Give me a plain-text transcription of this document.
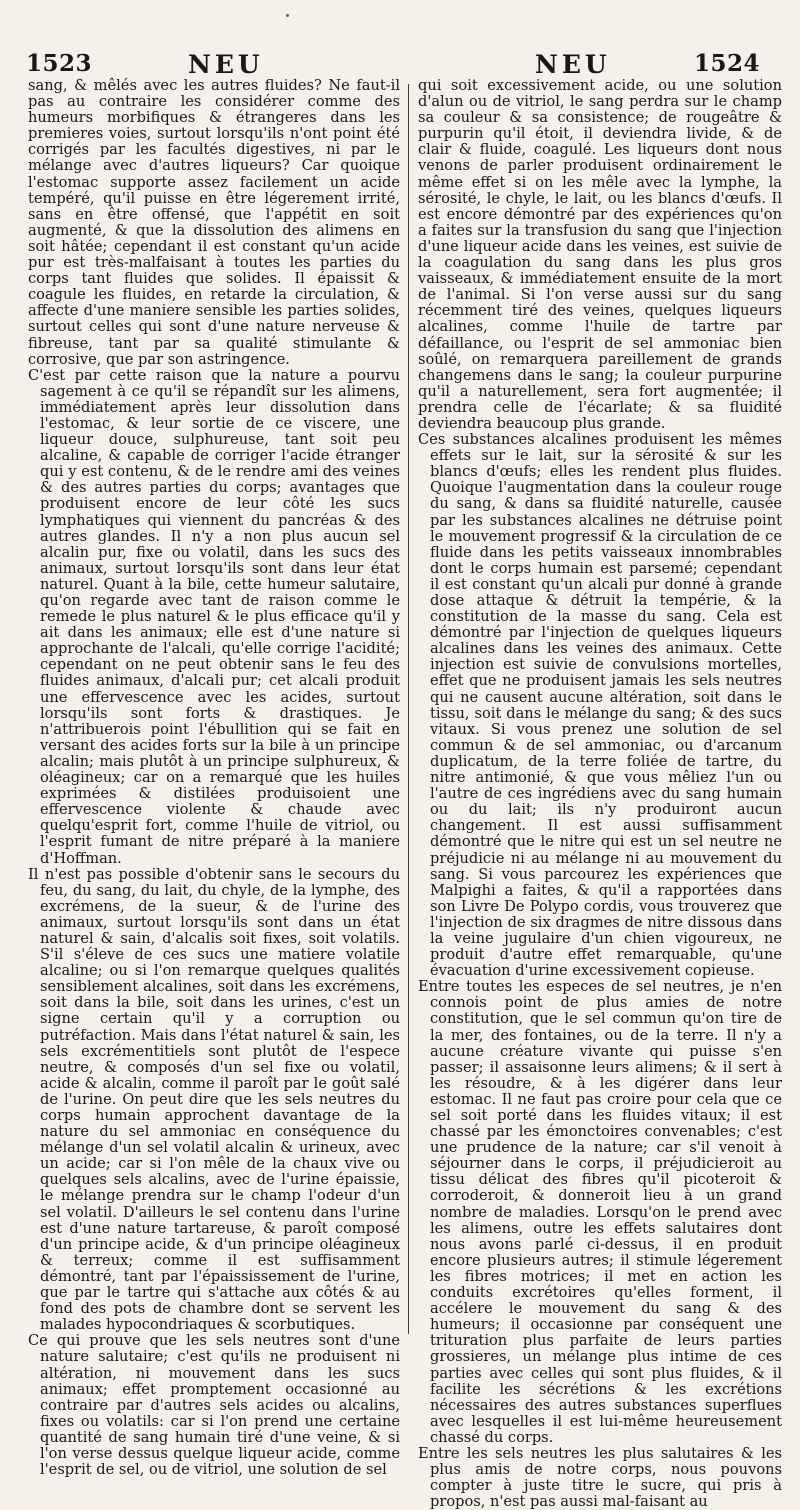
1523	NEU	NEU	1524

sang, & mêlés avec les autres fluides? Ne faut-il pas au contraire les considérer comme des humeurs morbifiques & étrangeres dans les premieres voies, surtout lorsqu'ils n'ont point été corrigés par les facultés digestives, ni par le mélange avec d'autres liqueurs? Car quoique l'estomac supporte assez facilement un acide tempéré, qu'il puisse en être légerement irrité, sans en être offensé, que l'appétit en soit augmenté, & que la dissolution des alimens en soit hâtée; cependant il est constant qu'un acide pur est très-malfaisant à toutes les parties du corps tant fluides que solides. Il épaissit & coagule les fluides, en retarde la circulation, & affecte d'une maniere sensible les parties solides, surtout celles qui sont d'une nature nerveuse & fibreuse, tant par sa qualité stimulante & corrosive, que par son astringence.

C'est par cette raison que la nature a pourvu sagement à ce qu'il se répandît sur les alimens, immédiatement après leur dissolution dans l'estomac, & leur sortie de ce viscere, une liqueur douce, sulphureuse, tant soit peu alcaline, & capable de corriger l'acide étranger qui y est contenu, & de le rendre ami des veines & des autres parties du corps; avantages que produisent encore de leur côté les sucs lymphatiques qui viennent du pancréas & des autres glandes. Il n'y a non plus aucun sel alcalin pur, fixe ou volatil, dans les sucs des animaux, surtout lorsqu'ils sont dans leur état naturel. Quant à la bile, cette humeur salutaire, qu'on regarde avec tant de raison comme le remede le plus naturel & le plus efficace qu'il y ait dans les animaux; elle est d'une nature si approchante de l'alcali, qu'elle corrige l'acidité; cependant on ne peut obtenir sans le feu des fluides animaux, d'alcali pur; cet alcali produit une effervescence avec les acides, surtout lorsqu'ils sont forts & drastiques. Je n'attribuerois point l'ébullition qui se fait en versant des acides forts sur la bile à un principe alcalin; mais plutôt à un principe sulphureux, & oléagineux; car on a remarqué que les huiles exprimées & distilées produisoient une effervescence violente & chaude avec quelqu'esprit fort, comme l'huile de vitriol, ou l'esprit fumant de nitre préparé à la maniere d'Hoffman.

Il n'est pas possible d'obtenir sans le secours du feu, du sang, du lait, du chyle, de la lymphe, des excrémens, de la sueur, & de l'urine des animaux, surtout lorsqu'ils sont dans un état naturel & sain, d'alcalis soit fixes, soit volatils. S'il s'éleve de ces sucs une matiere volatile alcaline; ou si l'on remarque quelques qualités sensiblement alcalines, soit dans les excrémens, soit dans la bile, soit dans les urines, c'est un signe certain qu'il y a corruption ou putréfaction. Mais dans l'état naturel & sain, les sels excrémentitiels sont plutôt de l'espece neutre, & composés d'un sel fixe ou volatil, acide & alcalin, comme il paroît par le goût salé de l'urine. On peut dire que les sels neutres du corps humain approchent davantage de la nature du sel ammoniac en conséquence du mélange d'un sel volatil alcalin & urineux, avec un acide; car si l'on mêle de la chaux vive ou quelques sels alcalins, avec de l'urine épaissie, le mélange prendra sur le champ l'odeur d'un sel volatil. D'ailleurs le sel contenu dans l'urine est d'une nature tartareuse, & paroît composé d'un principe acide, & d'un principe oléagineux & terreux; comme il est suffisamment démontré, tant par l'épaississement de l'urine, que par le tartre qui s'attache aux côtés & au fond des pots de chambre dont se servent les malades hypocondriaques & scorbutiques.

Ce qui prouve que les sels neutres sont d'une nature salutaire; c'est qu'ils ne produisent ni altération, ni mouvement dans les sucs animaux; effet promptement occasionné au contraire par d'autres sels acides ou alcalins, fixes ou volatils: car si l'on prend une certaine quantité de sang humain tiré d'une veine, & si l'on verse dessus quelque liqueur acide, comme l'esprit de sel, ou de vitriol, une solution de sel

qui soit excessivement acide, ou une solution d'alun ou de vitriol, le sang perdra sur le champ sa couleur & sa consistence; de rougeâtre & purpurin qu'il étoit, il deviendra livide, & de clair & fluide, coagulé. Les liqueurs dont nous venons de parler produisent ordinairement le même effet si on les mêle avec la lymphe, la sérosité, le chyle, le lait, ou les blancs d'œufs. Il est encore démontré par des expériences qu'on a faites sur la transfusion du sang que l'injection d'une liqueur acide dans les veines, est suivie de la coagulation du sang dans les plus gros vaisseaux, & immédiatement ensuite de la mort de l'animal. Si l'on verse aussi sur du sang récemment tiré des veines, quelques liqueurs alcalines, comme l'huile de tartre par défaillance, ou l'esprit de sel ammoniac bien soûlé, on remarquera pareillement de grands changemens dans le sang; la couleur purpurine qu'il a naturellement, sera fort augmentée; il prendra celle de l'écarlate; & sa fluidité deviendra beaucoup plus grande.

Ces substances alcalines produisent les mêmes effets sur le lait, sur la sérosité & sur les blancs d'œufs; elles les rendent plus fluides. Quoique l'augmentation dans la couleur rouge du sang, & dans sa fluidité naturelle, causée par les substances alcalines ne détruise point le mouvement progressif & la circulation de ce fluide dans les petits vaisseaux innombrables dont le corps humain est parsemé; cependant il est constant qu'un alcali pur donné à grande dose attaque & détruit la tempérie, & la constitution de la masse du sang. Cela est démontré par l'injection de quelques liqueurs alcalines dans les veines des animaux. Cette injection est suivie de convulsions mortelles, effet que ne produisent jamais les sels neutres qui ne causent aucune altération, soit dans le tissu, soit dans le mélange du sang; & des sucs vitaux. Si vous prenez une solution de sel commun & de sel ammoniac, ou d'arcanum duplicatum, de la terre foliée de tartre, du nitre antimonié, & que vous mêliez l'un ou l'autre de ces ingrédiens avec du sang humain ou du lait; ils n'y produiront aucun changement. Il est aussi suffisamment démontré que le nitre qui est un sel neutre ne préjudicie ni au mélange ni au mouvement du sang. Si vous parcourez les expériences que Malpighi a faites, & qu'il a rapportées dans son Livre De Polypo cordis, vous trouverez que l'injection de six dragmes de nitre dissous dans la veine jugulaire d'un chien vigoureux, ne produit d'autre effet remarquable, qu'une évacuation d'urine excessivement copieuse.

Entre toutes les especes de sel neutres, je n'en connois point de plus amies de notre constitution, que le sel commun qu'on tire de la mer, des fontaines, ou de la terre. Il n'y a aucune créature vivante qui puisse s'en passer; il assaisonne leurs alimens; & il sert à les résoudre, & à les digérer dans leur estomac. Il ne faut pas croire pour cela que ce sel soit porté dans les fluides vitaux; il est chassé par les émonctoires convenables; c'est une prudence de la nature; car s'il venoit à séjourner dans le corps, il préjudicieroit au tissu délicat des fibres qu'il picoteroit & corroderoit, & donneroit lieu à un grand nombre de maladies. Lorsqu'on le prend avec les alimens, outre les effets salutaires dont nous avons parlé ci-dessus, il en produit encore plusieurs autres; il stimule légerement les fibres motrices; il met en action les conduits excrétoires qu'elles forment, il accélere le mouvement du sang & des humeurs; il occasionne par conséquent une trituration plus parfaite de leurs parties grossieres, un mélange plus intime de ces parties avec celles qui sont plus fluides, & il facilite les sécrétions & les excrétions nécessaires des autres substances superflues avec lesquelles il est lui-même heureusement chassé du corps.

Entre les sels neutres les plus salutaires & les plus amis de notre corps, nous pouvons compter à juste titre le sucre, qui pris à propos, n'est pas aussi mal-faisant au
